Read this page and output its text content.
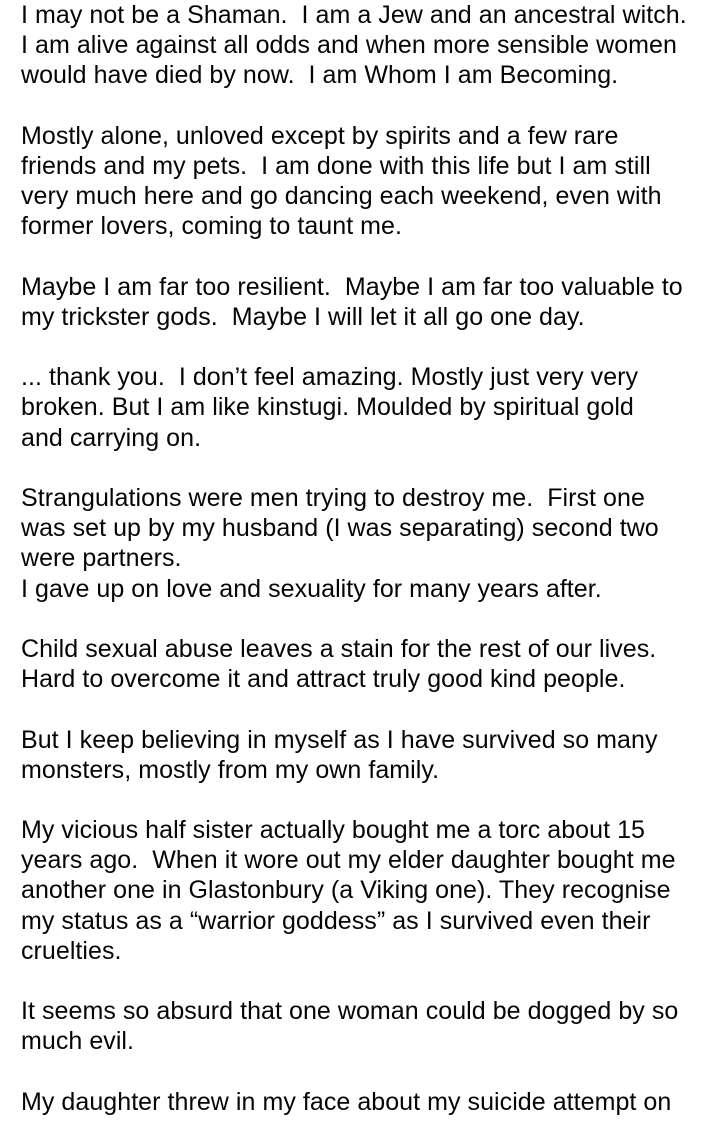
I may not be a Shaman.  I am a Jew and an ancestral witch.
I am alive against all odds and when more sensible women
would have died by now.  I am Whom I am Becoming.
Mostly alone, unloved except by spirits and a few rare
friends and my pets.  I am done with this life but I am still
very much here and go dancing each weekend, even with
former lovers, coming to taunt me.
Maybe I am far too resilient.  Maybe I am far too valuable to
my trickster gods.  Maybe I will let it all go one day.
... thank you.  I don’t feel amazing. Mostly just very very
broken. But I am like kinstugi. Moulded by spiritual gold
and carrying on.
Strangulations were men trying to destroy me.  First one
was set up by my husband (I was separating) second two
were partners.
I gave up on love and sexuality for many years after.
Child sexual abuse leaves a stain for the rest of our lives.
Hard to overcome it and attract truly good kind people.
But I keep believing in myself as I have survived so many
monsters, mostly from my own family.
My vicious half sister actually bought me a torc about 15
years ago.  When it wore out my elder daughter bought me
another one in Glastonbury (a Viking one). They recognise
my status as a “warrior goddess” as I survived even their
cruelties.
It seems so absurd that one woman could be dogged by so
much evil.
My daughter threw in my face about my suicide attempt on
